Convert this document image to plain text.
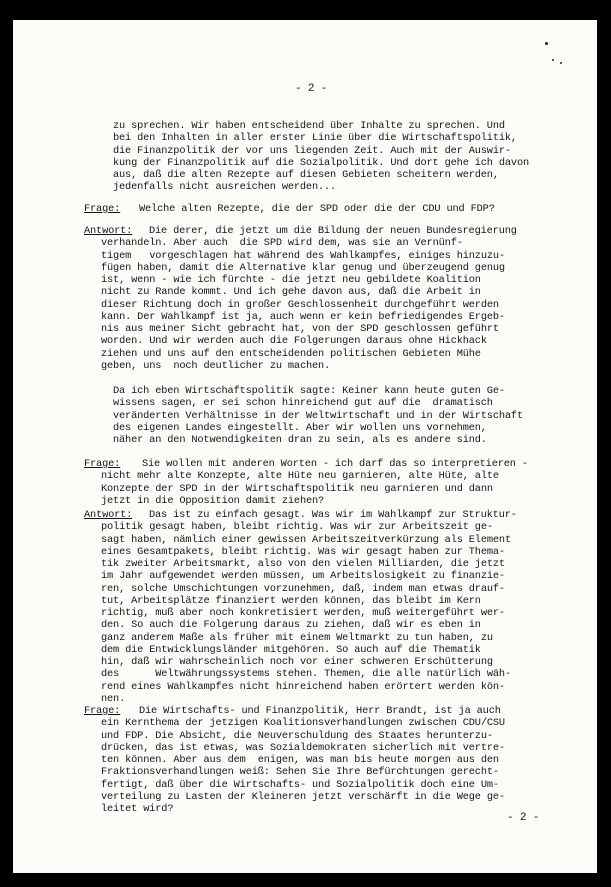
- 2 -
zu sprechen. Wir haben entscheidend über Inhalte zu sprechen. Und
bei den Inhalten in aller erster Linie über die Wirtschaftspolitik,
die Finanzpolitik der vor uns liegenden Zeit. Auch mit der Auswir-
kung der Finanzpolitik auf die Sozialpolitik. Und dort gehe ich davon
aus, daß die alten Rezepte auf diesen Gebieten scheitern werden,
jedenfalls nicht ausreichen werden...
Frage: Welche alten Rezepte, die der SPD oder die der CDU und FDP?
Antwort: Die derer, die jetzt um die Bildung der neuen Bundesregierung
verhandeln. Aber auch  die SPD wird dem, was sie an Vernünf-
tigem   vorgeschlagen hat während des Wahlkampfes, einiges hinzuzu-
fügen haben, damit die Alternative klar genug und überzeugend genug
ist, wenn - wie ich fürchte - die jetzt neu gebildete Koalition
nicht zu Rande kommt. Und ich gehe davon aus, daß die Arbeit in
dieser Richtung doch in großer Geschlossenheit durchgeführt werden
kann. Der Wahlkampf ist ja, auch wenn er kein befriedigendes Ergeb-
nis aus meiner Sicht gebracht hat, von der SPD geschlossen geführt
worden. Und wir werden auch die Folgerungen daraus ohne Hickhack
ziehen und uns auf den entscheidenden politischen Gebieten Mühe
geben, uns  noch deutlicher zu machen.
Da ich eben Wirtschaftspolitik sagte: Keiner kann heute guten Ge-
wissens sagen, er sei schon hinreichend gut auf die  dramatisch
veränderten Verhältnisse in der Weltwirtschaft und in der Wirtschaft
des eigenen Landes eingestellt. Aber wir wollen uns vornehmen,
näher an den Notwendigkeiten dran zu sein, als es andere sind.
Frage: Sie wollen mit anderen Worten - ich darf das so interpretieren -
nicht mehr alte Konzepte, alte Hüte neu garnieren, alte Hüte, alte
Konzepte der SPD in der Wirtschaftspolitik neu garnieren und dann
jetzt in die Opposition damit ziehen?
Antwort: Das ist zu einfach gesagt. Was wir im Wahlkampf zur Struktur-
politik gesagt haben, bleibt richtig. Was wir zur Arbeitszeit ge-
sagt haben, nämlich einer gewissen Arbeitszeitverkürzung als Element
eines Gesamtpakets, bleibt richtig. Was wir gesagt haben zur Thema-
tik zweiter Arbeitsmarkt, also von den vielen Milliarden, die jetzt
im Jahr aufgewendet werden müssen, um Arbeitslosigkeit zu finanzie-
ren, solche Umschichtungen vorzunehmen, daß, indem man etwas drauf-
tut, Arbeitsplätze finanziert werden können, das bleibt im Kern
richtig, muß aber noch konkretisiert werden, muß weitergeführt wer-
den. So auch die Folgerung daraus zu ziehen, daß wir es eben in
ganz anderem Maße als früher mit einem Weltmarkt zu tun haben, zu
dem die Entwicklungsländer mitgehören. So auch auf die Thematik
hin, daß wir wahrscheinlich noch vor einer schweren Erschütterung
des      Weltwährungssystems stehen. Themen, die alle natürlich wäh-
rend eines Wahlkampfes nicht hinreichend haben erörtert werden kön-
nen.
Frage: Die Wirtschafts- und Finanzpolitik, Herr Brandt, ist ja auch
ein Kernthema der jetzigen Koalitionsverhandlungen zwischen CDU/CSU
und FDP. Die Absicht, die Neuverschuldung des Staates herunterzu-
drücken, das ist etwas, was Sozialdemokraten sicherlich mit vertre-
ten können. Aber aus dem  enigen, was man bis heute morgen aus den
Fraktionsverhandlungen weiß: Sehen Sie Ihre Befürchtungen gerecht-
fertigt, daß über die Wirtschafts- und Sozialpolitik doch eine Um-
verteilung zu Lasten der Kleineren jetzt verschärft in die Wege ge-
leitet wird?
- 2 -
